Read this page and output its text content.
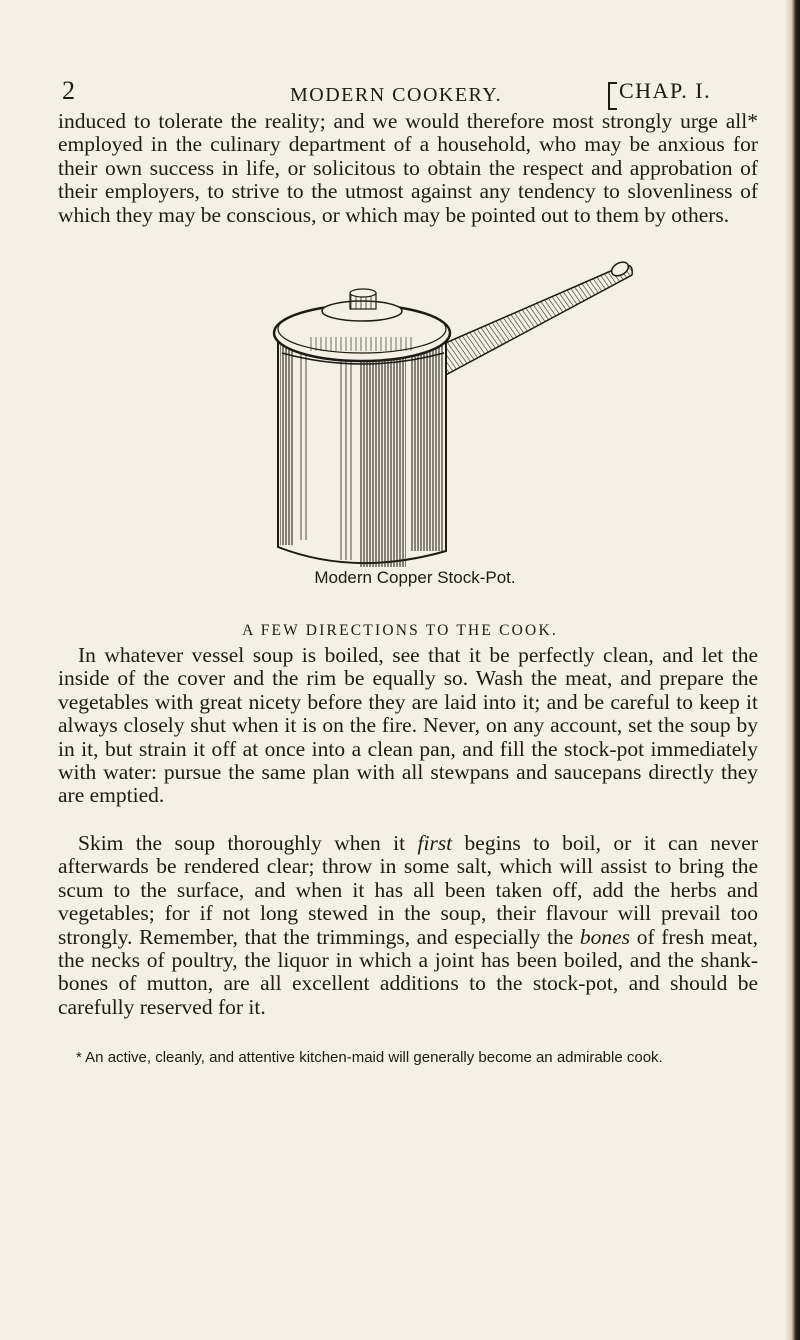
2	MODERN COOKERY.	CHAP. I.

induced to tolerate the reality; and we would therefore most strongly urge all* employed in the culinary department of a household, who may be anxious for their own success in life, or solicitous to obtain the respect and approbation of their employers, to strive to the utmost against any tendency to slovenliness of which they may be conscious, or which may be pointed out to them by others.

Modern Copper Stock-Pot.
A FEW DIRECTIONS TO THE COOK.

In whatever vessel soup is boiled, see that it be perfectly clean, and let the inside of the cover and the rim be equally so. Wash the meat, and prepare the vegetables with great nicety before they are laid into it; and be careful to keep it always closely shut when it is on the fire. Never, on any account, set the soup by in it, but strain it off at once into a clean pan, and fill the stock-pot immediately with water: pursue the same plan with all stewpans and saucepans directly they are emptied.

Skim the soup thoroughly when it first begins to boil, or it can never afterwards be rendered clear; throw in some salt, which will assist to bring the scum to the surface, and when it has all been taken off, add the herbs and vegetables; for if not long stewed in the soup, their flavour will prevail too strongly. Remember, that the trimmings, and especially the bones of fresh meat, the necks of poultry, the liquor in which a joint has been boiled, and the shank-bones of mutton, are all excellent additions to the stock-pot, and should be carefully reserved for it.

* An active, cleanly, and attentive kitchen-maid will generally become an admirable cook.
